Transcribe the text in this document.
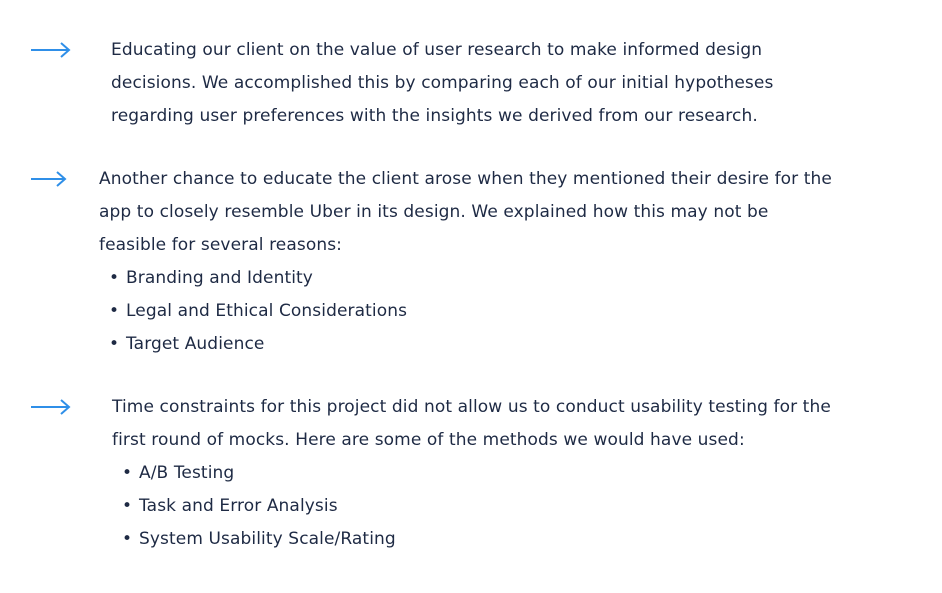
Educating our client on the value of user research to make informed design decisions. We accomplished this by comparing each of our initial hypotheses regarding user preferences with the insights we derived from our research.

Another chance to educate the client arose when they mentioned their desire for the app to closely resemble Uber in its design. We explained how this may not be feasible for several reasons:

• Branding and Identity
• Legal and Ethical Considerations
• Target Audience

Time constraints for this project did not allow us to conduct usability testing for the first round of mocks. Here are some of the methods we would have used:

• A/B Testing
• Task and Error Analysis
• System Usability Scale/Rating
